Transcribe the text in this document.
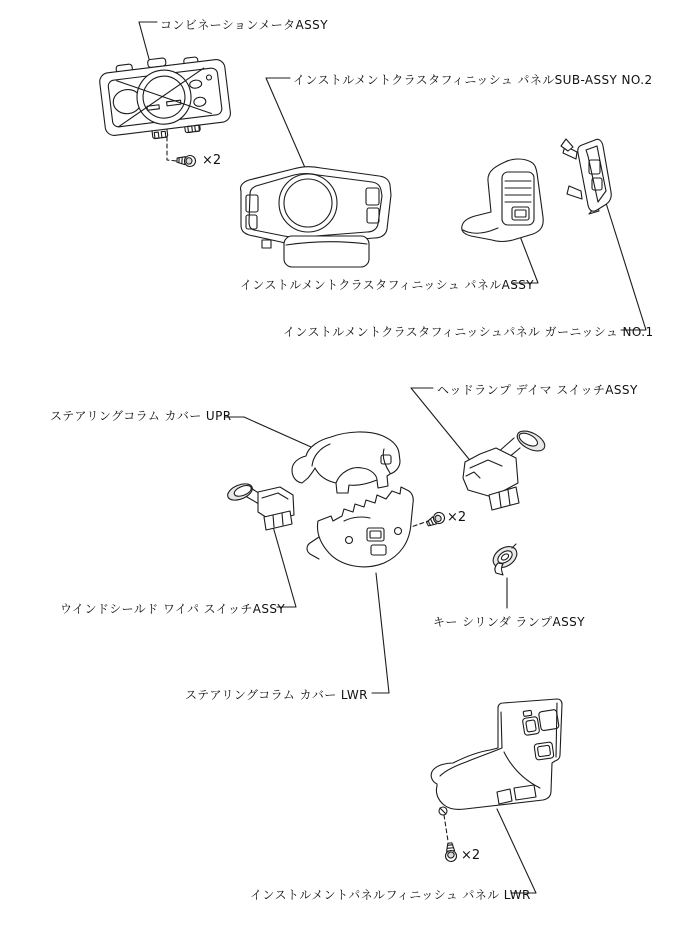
コンビネーションメータASSY
インストルメントクラスタフィニッシュ パネルSUB-ASSY NO.2
インストルメントクラスタフィニッシュ パネルASSY
インストルメントクラスタフィニッシュパネル ガーニッシュ NO.1
ヘッドランプ デイマ スイッチASSY
ステアリングコラム カバー UPR
ウインドシールド ワイパ スイッチASSY
キー シリンダ ランプASSY
ステアリングコラム カバー LWR
インストルメントパネルフィニッシュ パネル LWR
×2
×2
×2
